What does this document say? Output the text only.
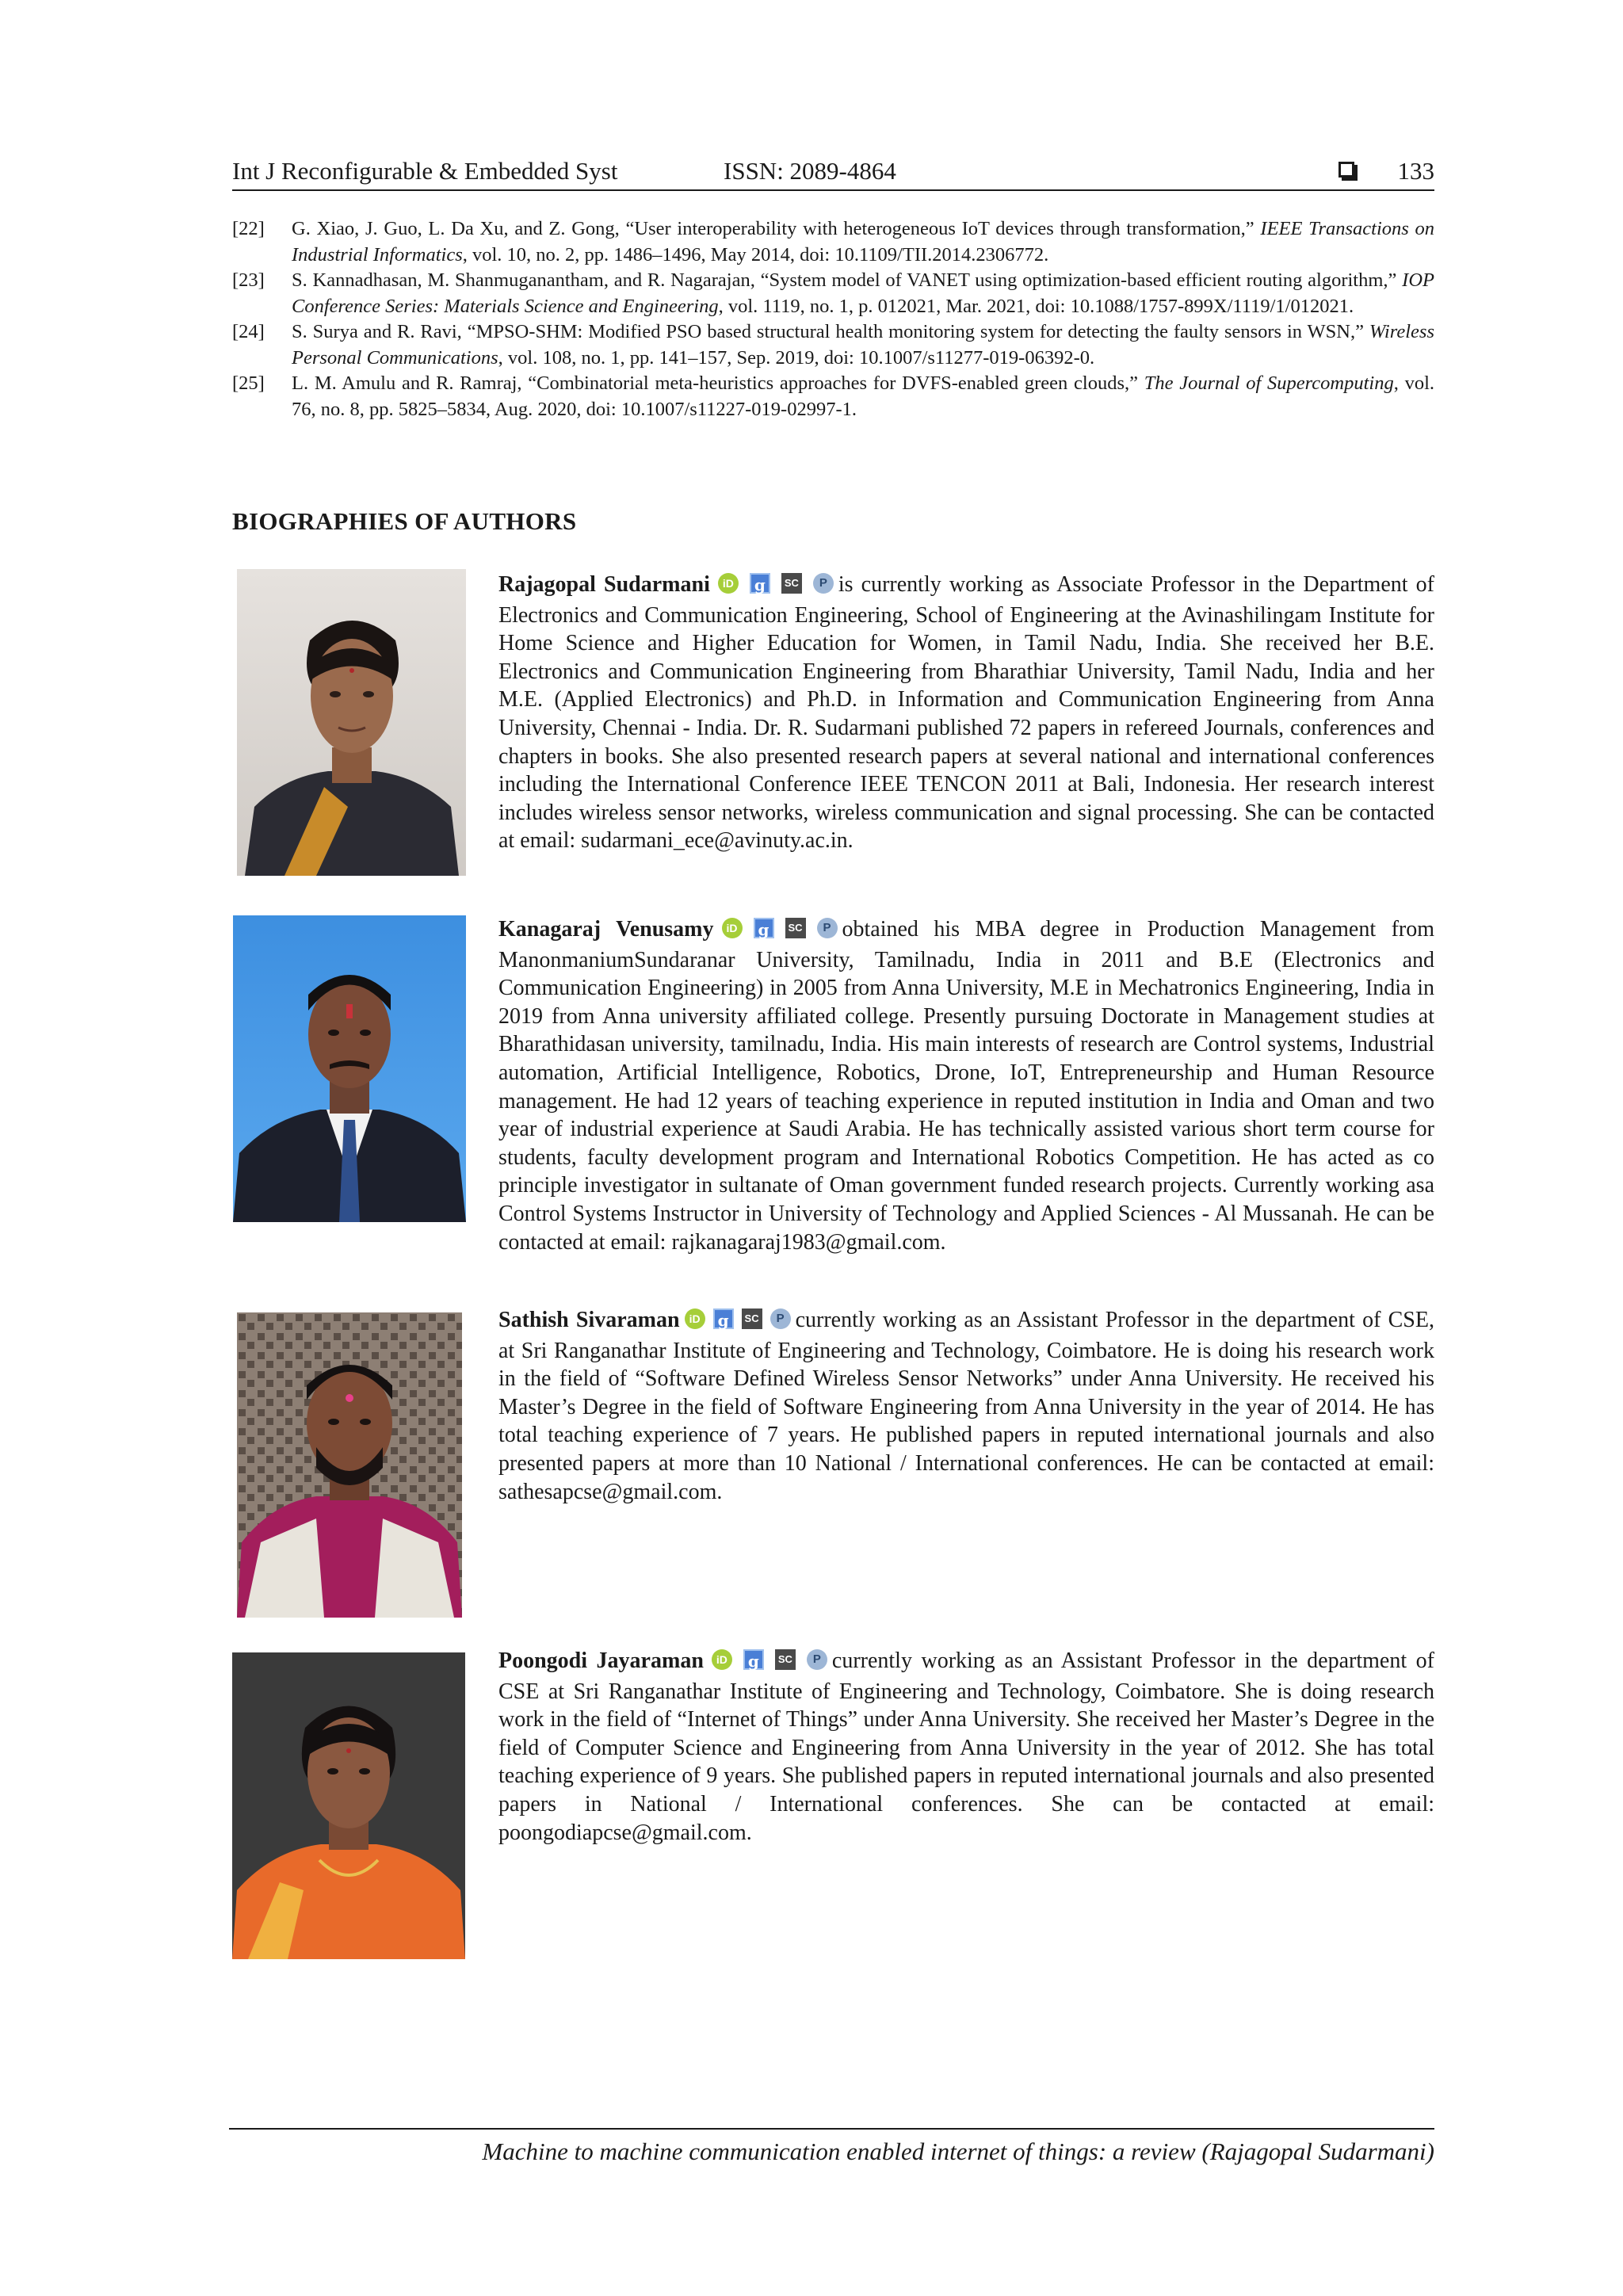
Int J Reconfigurable & Embedded Syst	ISSN: 2089-4864	133

[22] G. Xiao, J. Guo, L. Da Xu, and Z. Gong, “User interoperability with heterogeneous IoT devices through transformation,” IEEE Transactions on Industrial Informatics, vol. 10, no. 2, pp. 1486–1496, May 2014, doi: 10.1109/TII.2014.2306772.

[23] S. Kannadhasan, M. Shanmuganantham, and R. Nagarajan, “System model of VANET using optimization-based efficient routing algorithm,” IOP Conference Series: Materials Science and Engineering, vol. 1119, no. 1, p. 012021, Mar. 2021, doi: 10.1088/1757-899X/1119/1/012021.

[24] S. Surya and R. Ravi, “MPSO-SHM: Modified PSO based structural health monitoring system for detecting the faulty sensors in WSN,” Wireless Personal Communications, vol. 108, no. 1, pp. 141–157, Sep. 2019, doi: 10.1007/s11277-019-06392-0.

[25] L. M. Amulu and R. Ramraj, “Combinatorial meta-heuristics approaches for DVFS-enabled green clouds,” The Journal of Supercomputing, vol. 76, no. 8, pp. 5825–5834, Aug. 2020, doi: 10.1007/s11227-019-02997-1.

BIOGRAPHIES OF AUTHORS

Rajagopal Sudarmani iD g SC P is currently working as Associate Professor in the Department of Electronics and Communication Engineering, School of Engineering at the Avinashilingam Institute for Home Science and Higher Education for Women, in Tamil Nadu, India. She received her B.E. Electronics and Communication Engineering from Bharathiar University, Tamil Nadu, India and her M.E. (Applied Electronics) and Ph.D. in Information and Communication Engineering from Anna University, Chennai - India. Dr. R. Sudarmani published 72 papers in refereed Journals, conferences and chapters in books. She also presented research papers at several national and international conferences including the International Conference IEEE TENCON 2011 at Bali, Indonesia. Her research interest includes wireless sensor networks, wireless communication and signal processing. She can be contacted at email: sudarmani_ece@avinuty.ac.in.

Kanagaraj Venusamy iD g SC P obtained his MBA degree in Production Management from ManonmaniumSundaranar University, Tamilnadu, India in 2011 and B.E (Electronics and Communication Engineering) in 2005 from Anna University, M.E in Mechatronics Engineering, India in 2019 from Anna university affiliated college. Presently pursuing Doctorate in Management studies at Bharathidasan university, tamilnadu, India. His main interests of research are Control systems, Industrial automation, Artificial Intelligence, Robotics, Drone, IoT, Entrepreneurship and Human Resource management. He had 12 years of teaching experience in reputed institution in India and Oman and two year of industrial experience at Saudi Arabia. He has technically assisted various short term course for students, faculty development program and International Robotics Competition. He has acted as co principle investigator in sultanate of Oman government funded research projects. Currently working asa Control Systems Instructor in University of Technology and Applied Sciences - Al Mussanah. He can be contacted at email: rajkanagaraj1983@gmail.com.

Sathish Sivaraman iD g SC P currently working as an Assistant Professor in the department of CSE, at Sri Ranganathar Institute of Engineering and Technology, Coimbatore. He is doing his research work in the field of “Software Defined Wireless Sensor Networks” under Anna University. He received his Master’s Degree in the field of Software Engineering from Anna University in the year of 2014. He has total teaching experience of 7 years. He published papers in reputed international journals and also presented papers at more than 10 National / International conferences. He can be contacted at email: sathesapcse@gmail.com.

Poongodi Jayaraman iD g SC P currently working as an Assistant Professor in the department of CSE at Sri Ranganathar Institute of Engineering and Technology, Coimbatore. She is doing research work in the field of “Internet of Things” under Anna University. She received her Master’s Degree in the field of Computer Science and Engineering from Anna University in the year of 2012. She has total teaching experience of 9 years. She published papers in reputed international journals and also presented papers in National / International conferences. She can be contacted at email: poongodiapcse@gmail.com.

Machine to machine communication enabled internet of things: a review (Rajagopal Sudarmani)
